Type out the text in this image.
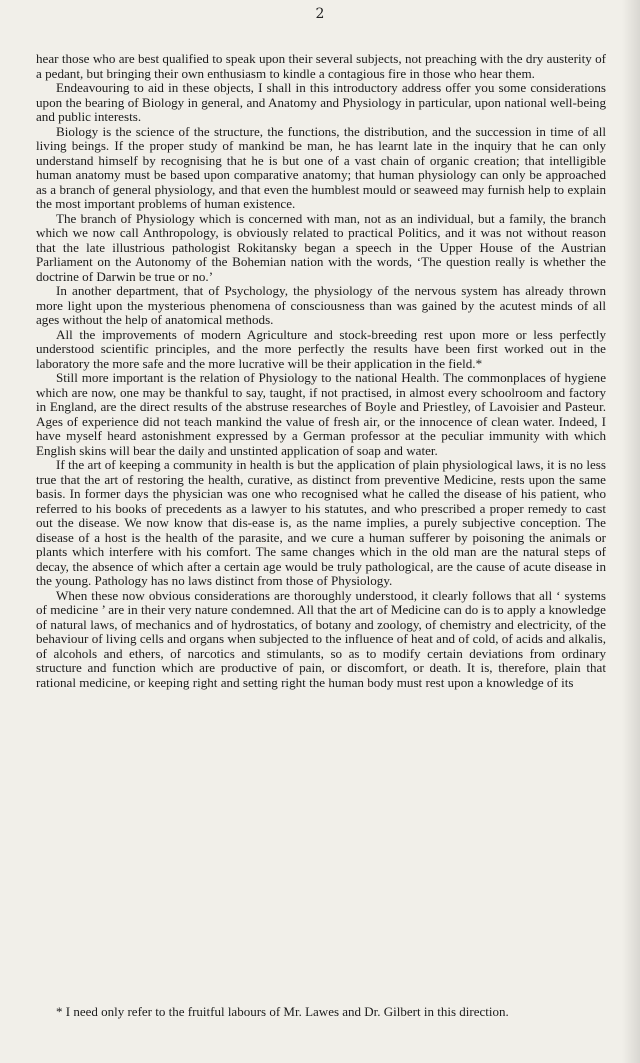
2

hear those who are best qualified to speak upon their several subjects, not preaching with the dry austerity of a pedant, but bringing their own enthusiasm to kindle a contagious fire in those who hear them.

Endeavouring to aid in these objects, I shall in this introductory address offer you some considerations upon the bearing of Biology in general, and Anatomy and Physiology in particular, upon national well-being and public interests.

Biology is the science of the structure, the functions, the distribution, and the succession in time of all living beings. If the proper study of mankind be man, he has learnt late in the inquiry that he can only understand himself by recognising that he is but one of a vast chain of organic creation; that intelligible human anatomy must be based upon comparative anatomy; that human physiology can only be approached as a branch of general physiology, and that even the humblest mould or seaweed may furnish help to explain the most important problems of human existence.

The branch of Physiology which is concerned with man, not as an individual, but a family, the branch which we now call Anthropology, is obviously related to practical Politics, and it was not without reason that the late illustrious pathologist Rokitansky began a speech in the Upper House of the Austrian Parliament on the Autonomy of the Bohemian nation with the words, ‘The question really is whether the doctrine of Darwin be true or no.’

In another department, that of Psychology, the physiology of the nervous system has already thrown more light upon the mysterious phenomena of consciousness than was gained by the acutest minds of all ages without the help of anatomical methods.

All the improvements of modern Agriculture and stock-breeding rest upon more or less perfectly understood scientific principles, and the more perfectly the results have been first worked out in the laboratory the more safe and the more lucrative will be their application in the field.*

Still more important is the relation of Physiology to the national Health. The commonplaces of hygiene which are now, one may be thankful to say, taught, if not practised, in almost every schoolroom and factory in England, are the direct results of the abstruse researches of Boyle and Priestley, of Lavoisier and Pasteur. Ages of experience did not teach mankind the value of fresh air, or the innocence of clean water. Indeed, I have myself heard astonishment expressed by a German professor at the peculiar immunity with which English skins will bear the daily and unstinted application of soap and water.

If the art of keeping a community in health is but the application of plain physiological laws, it is no less true that the art of restoring the health, curative, as distinct from preventive Medicine, rests upon the same basis. In former days the physician was one who recognised what he called the disease of his patient, who referred to his books of precedents as a lawyer to his statutes, and who prescribed a proper remedy to cast out the disease. We now know that dis-ease is, as the name implies, a purely subjective conception. The disease of a host is the health of the parasite, and we cure a human sufferer by poisoning the animals or plants which interfere with his comfort. The same changes which in the old man are the natural steps of decay, the absence of which after a certain age would be truly pathological, are the cause of acute disease in the young. Pathology has no laws distinct from those of Physiology.

When these now obvious considerations are thoroughly understood, it clearly follows that all ‘ systems of medicine ’ are in their very nature condemned. All that the art of Medicine can do is to apply a knowledge of natural laws, of mechanics and of hydrostatics, of botany and zoology, of chemistry and electricity, of the behaviour of living cells and organs when subjected to the influence of heat and of cold, of acids and alkalis, of alcohols and ethers, of narcotics and stimulants, so as to modify certain deviations from ordinary structure and function which are productive of pain, or discomfort, or death. It is, therefore, plain that rational medicine, or keeping right and setting right the human body must rest upon a knowledge of its

* I need only refer to the fruitful labours of Mr. Lawes and Dr. Gilbert in this direction.
